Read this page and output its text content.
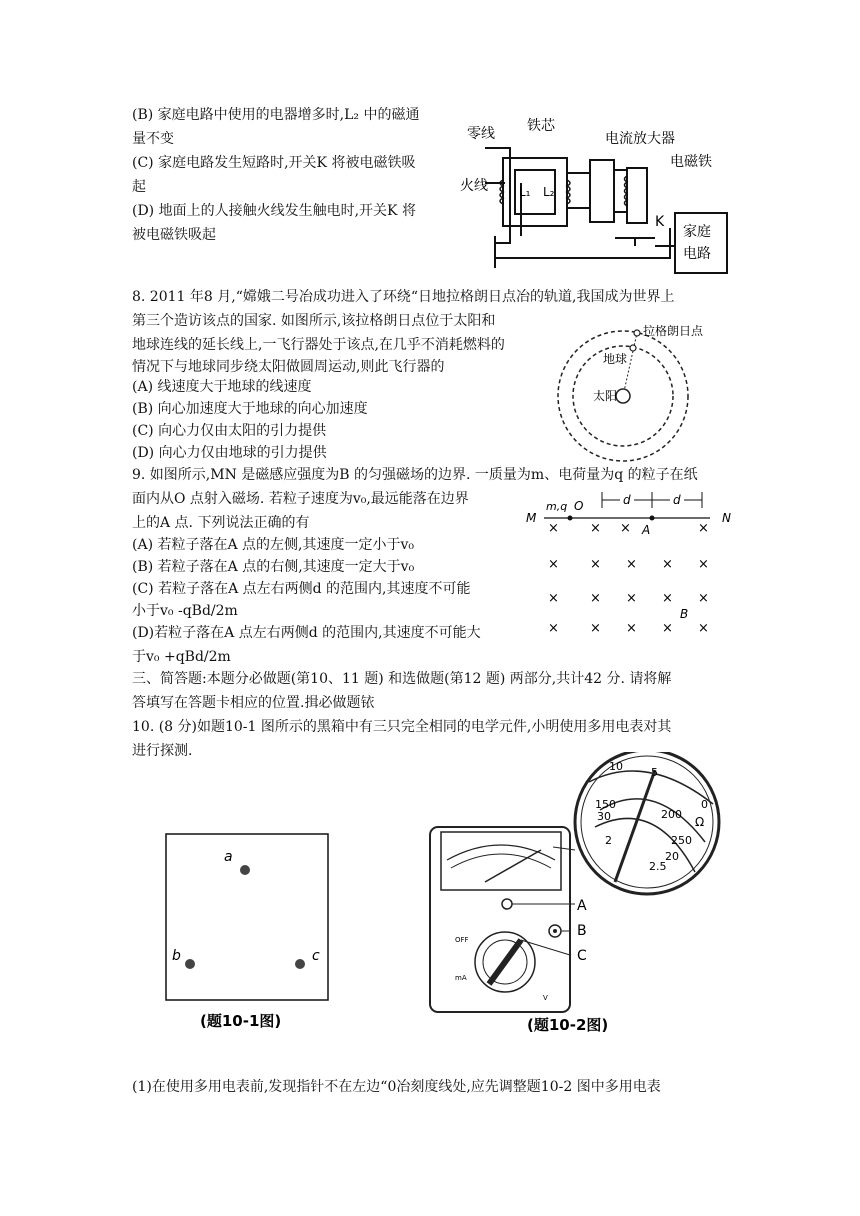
(B) 家庭电路中使用的电器增多时,L₂ 中的磁通
量不变
(C) 家庭电路发生短路时,开关K 将被电磁铁吸
起
(D) 地面上的人接触火线发生触电时,开关K 将
被电磁铁吸起
零线 铁芯
电流放大器
火线
电磁铁
L₁ L₂
K
家庭
电路
8. 2011 年8 月,“嫦娥二号冶成功进入了环绕“日地拉格朗日点冶的轨道,我国成为世界上
第三个造访该点的国家. 如图所示,该拉格朗日点位于太阳和
地球连线的延长线上,一飞行器处于该点,在几乎不消耗燃料的
情况下与地球同步绕太阳做圆周运动,则此飞行器的
(A) 线速度大于地球的线速度
(B) 向心加速度大于地球的向心加速度
(C) 向心力仅由太阳的引力提供
(D) 向心力仅由地球的引力提供
拉格朗日点
地球
太阳
9. 如图所示,MN 是磁感应强度为B 的匀强磁场的边界. 一质量为m、电荷量为q 的粒子在纸
面内从O 点射入磁场. 若粒子速度为v₀,最远能落在边界
上的A 点. 下列说法正确的有
(A) 若粒子落在A 点的左侧,其速度一定小于v₀
(B) 若粒子落在A 点的右侧,其速度一定大于v₀
(C) 若粒子落在A 点左右两侧d 的范围内,其速度不可能
小于v₀ -qBd/2m
(D)若粒子落在A 点左右两侧d 的范围内,其速度不可能大
于v₀ +qBd/2m
M	N
m,q O	d	d
A
B
× × ×	×
× × × × ×
× × × × ×
× × × × ×
三、简答题:本题分必做题(第10、11 题) 和选做题(第12 题) 两部分,共计42 分. 请将解
答填写在答题卡相应的位置.揖必做题铱
10. (8 分)如题10-1 图所示的黑箱中有三只完全相同的电学元件,小明使用多用电表对其
进行探测.
a
b	c
(题10-1图)
A
B
C
OFF
mA
V
10	5
0
150
30	200
250
20
2
2.5
Ω
(题10-2图)
(1)在使用多用电表前,发现指针不在左边“0冶刻度线处,应先调整题10-2 图中多用电表
